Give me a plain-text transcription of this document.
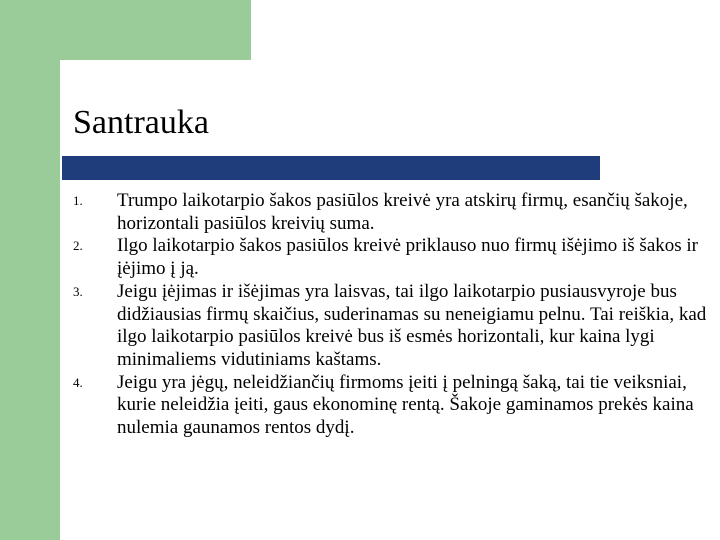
Santrauka
1.	Trumpo laikotarpio šakos pasiūlos kreivė yra atskirų firmų, esančių šakoje, horizontali pasiūlos kreivių suma.
2.	Ilgo laikotarpio šakos pasiūlos kreivė priklauso nuo firmų išėjimo iš šakos ir įėjimo į ją.
3.	Jeigu įėjimas ir išėjimas yra laisvas, tai ilgo laikotarpio pusiausvyroje bus didžiausias firmų skaičius, suderinamas su neneigiamu pelnu. Tai reiškia, kad ilgo laikotarpio pasiūlos kreivė bus iš esmės horizontali, kur kaina lygi minimaliems vidutiniams kaštams.
4.	Jeigu yra jėgų, neleidžiančių firmoms įeiti į pelningą šaką, tai tie veiksniai, kurie neleidžia įeiti, gaus ekonominę rentą. Šakoje gaminamos prekės kaina nulemia gaunamos rentos dydį.
